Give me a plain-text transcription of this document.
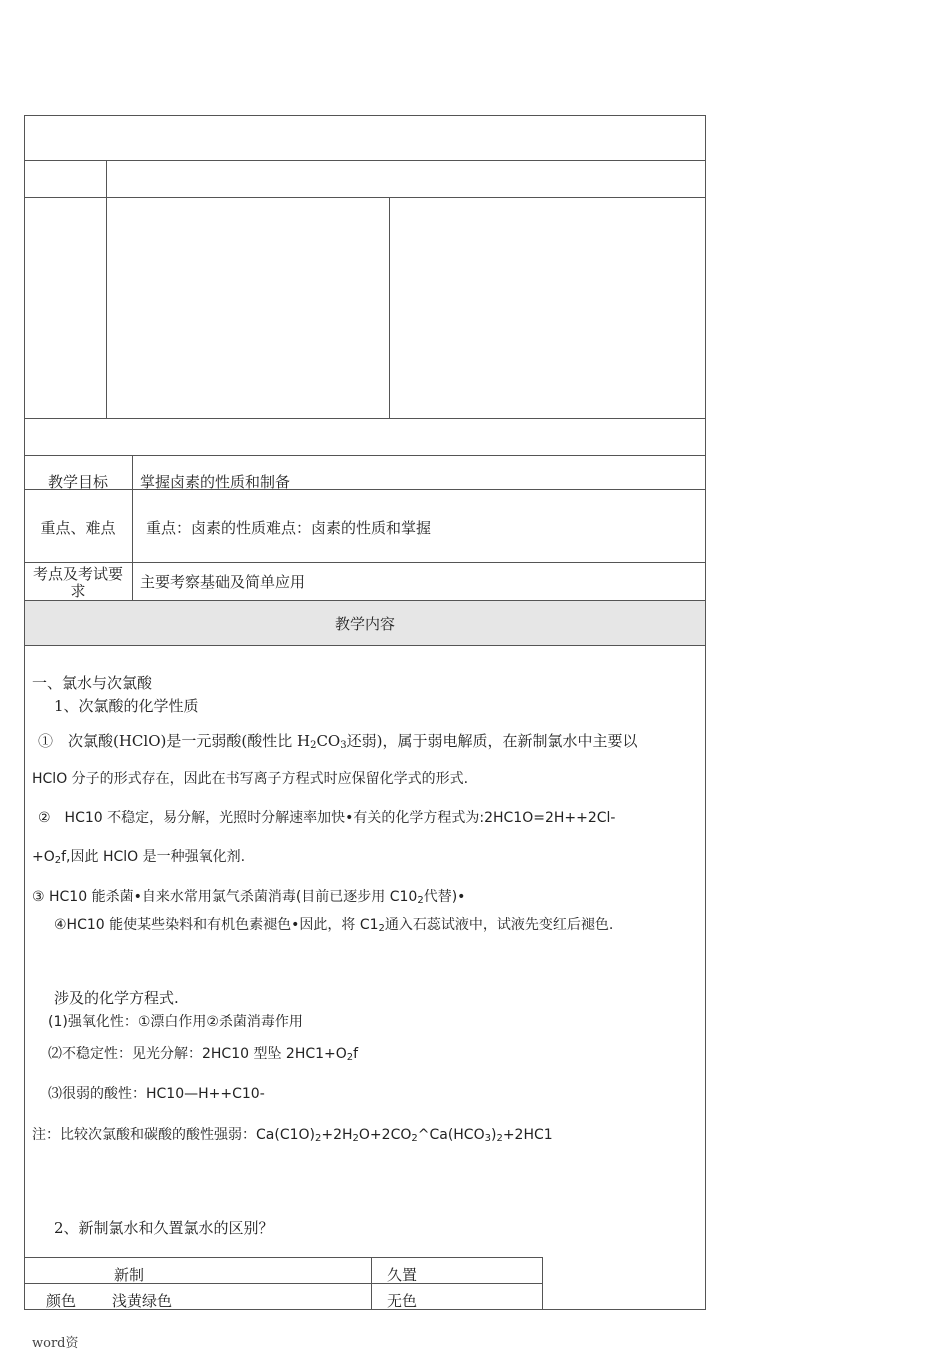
教学目标	掌握卤素的性质和制备
重点、难点	重点：卤素的性质难点：卤素的性质和掌握
考点及考试要
求	主要考察基础及简单应用
教学内容
一、氯水与次氯酸
1、次氯酸的化学性质
①　次氯酸(HClO)是一元弱酸(酸性比 $H_2CO_3$还弱)，属于弱电解质，在新制氯水中主要以
HClO 分子的形式存在，因此在书写离子方程式时应保留化学式的形式.
②　HC10 不稳定，易分解，光照时分解速率加快•有关的化学方程式为:2HC1O=2H++2Cl-
$+O_2f$,因此 HClO 是一种强氧化剂.
③ HC10 能杀菌•自来水常用氯气杀菌消毒(目前已逐步用 $C10_2$代替)•
④HC10 能使某些染料和有机色素褪色•因此，将 $C1_2$通入石蕊试液中，试液先变红后褪色.
涉及的化学方程式.
(1)强氧化性：①漂白作用②杀菌消毒作用
⑵不稳定性：见光分解：2HC10 型坠 $2HC1+O_2f$
⑶很弱的酸性：HC10—H++C10-
注：比较次氯酸和碳酸的酸性强弱：$Ca(C1O)_2+2H_2O+2CO_2\^{}Ca(HCO_3)_2+2HC1$
2、新制氯水和久置氯水的区别？
新制	久置
颜色 浅黄绿色	无色
word资
